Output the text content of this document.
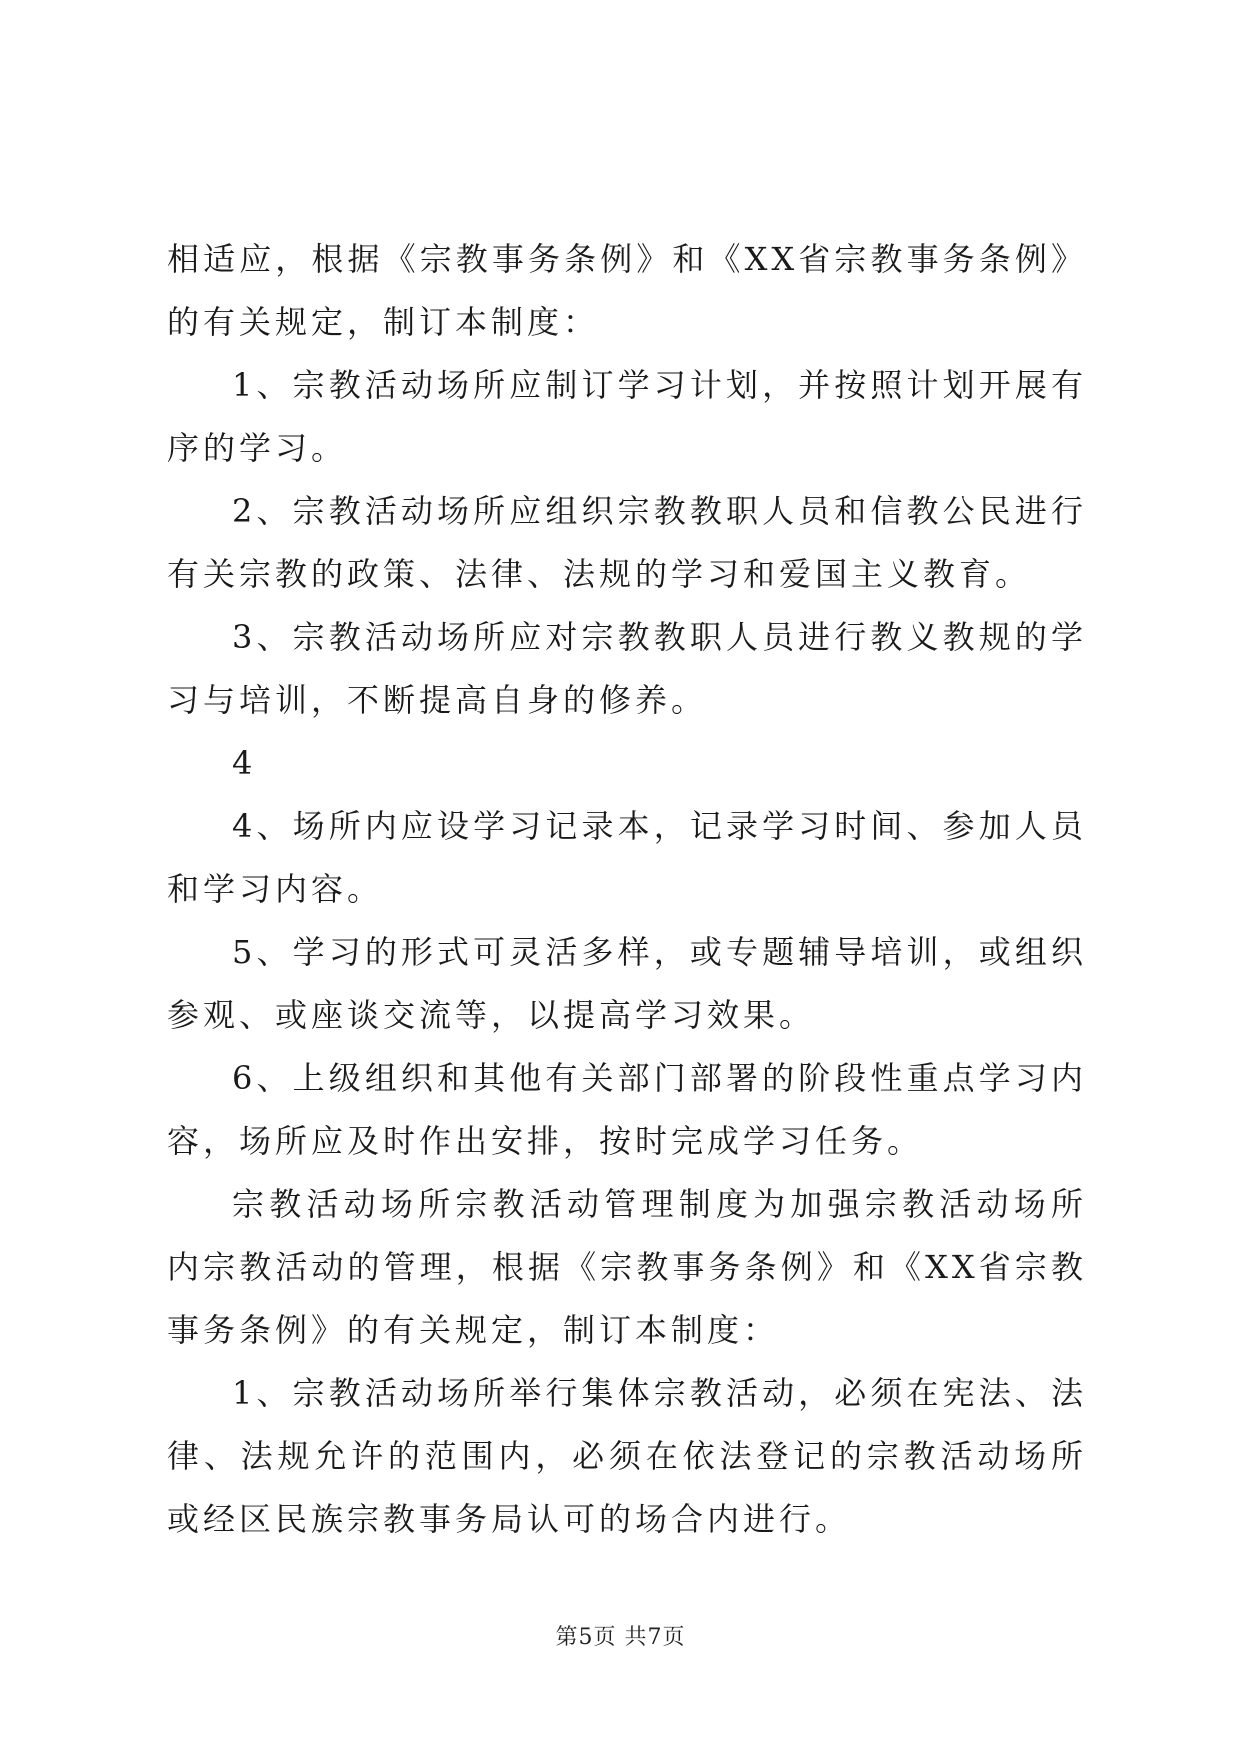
相适应，根据《宗教事务条例》和《XX省宗教事务条例》的有关规定，制订本制度：

1、宗教活动场所应制订学习计划，并按照计划开展有序的学习。

2、宗教活动场所应组织宗教教职人员和信教公民进行有关宗教的政策、法律、法规的学习和爱国主义教育。

3、宗教活动场所应对宗教教职人员进行教义教规的学习与培训，不断提高自身的修养。

4

4、场所内应设学习记录本，记录学习时间、参加人员和学习内容。

5、学习的形式可灵活多样，或专题辅导培训，或组织参观、或座谈交流等，以提高学习效果。

6、上级组织和其他有关部门部署的阶段性重点学习内容，场所应及时作出安排，按时完成学习任务。

宗教活动场所宗教活动管理制度为加强宗教活动场所内宗教活动的管理，根据《宗教事务条例》和《XX省宗教事务条例》的有关规定，制订本制度：

1、宗教活动场所举行集体宗教活动，必须在宪法、法律、法规允许的范围内，必须在依法登记的宗教活动场所或经区民族宗教事务局认可的场合内进行。

第5页 共7页
